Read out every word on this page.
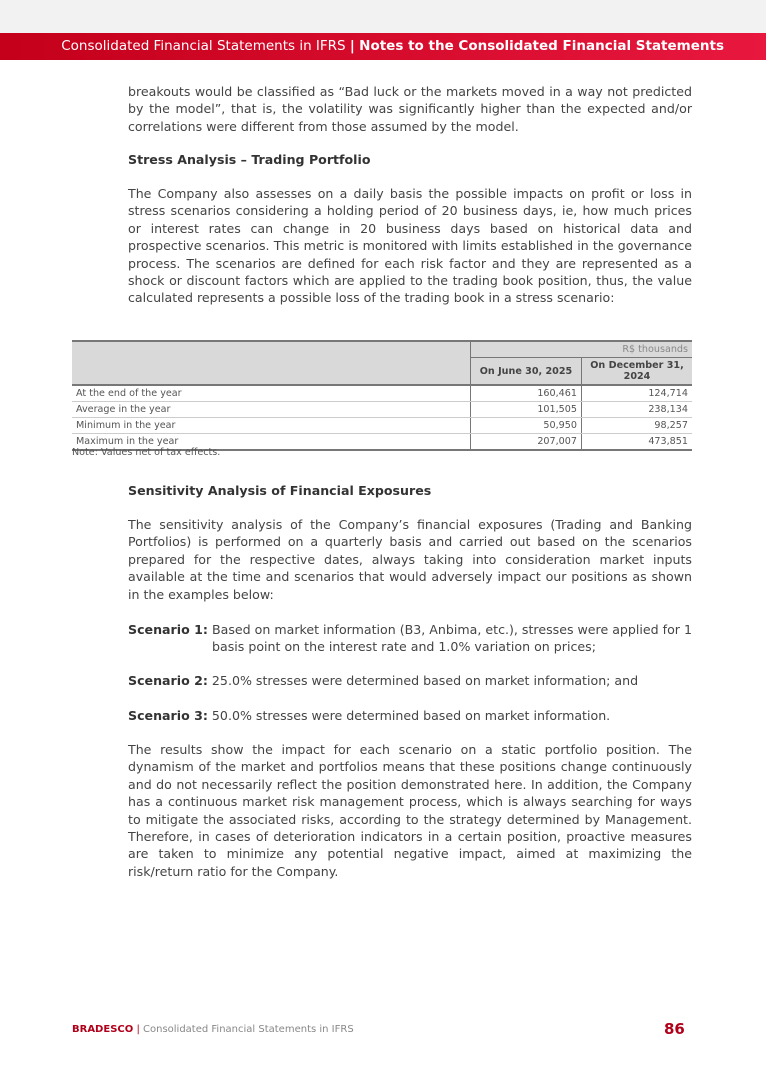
Consolidated Financial Statements in IFRS | Notes to the Consolidated Financial Statements
breakouts would be classified as “Bad luck or the markets moved in a way not predicted by the model”, that is, the volatility was significantly higher than the expected and/or correlations were different from those assumed by the model.
Stress Analysis – Trading Portfolio
The Company also assesses on a daily basis the possible impacts on profit or loss in stress scenarios considering a holding period of 20 business days, ie, how much prices or interest rates can change in 20 business days based on historical data and prospective scenarios. This metric is monitored with limits established in the governance process. The scenarios are defined for each risk factor and they are represented as a shock or discount factors which are applied to the trading book position, thus, the value calculated represents a possible loss of the trading book in a stress scenario:
	R$ thousands	
	On June 30, 2025	On December 31, 2024
At the end of the year	160,461	124,714
Average in the year	101,505	238,134
Minimum in the year	50,950	98,257
Maximum in the year	207,007	473,851
Note: Values net of tax effects.
Sensitivity Analysis of Financial Exposures
The sensitivity analysis of the Company’s financial exposures (Trading and Banking Portfolios) is performed on a quarterly basis and carried out based on the scenarios prepared for the respective dates, always taking into consideration market inputs available at the time and scenarios that would adversely impact our positions as shown in the examples below:
Scenario 1: Based on market information (B3, Anbima, etc.), stresses were applied for 1 basis point on the interest rate and 1.0% variation on prices;
Scenario 2: 25.0% stresses were determined based on market information; and
Scenario 3: 50.0% stresses were determined based on market information.
The results show the impact for each scenario on a static portfolio position. The dynamism of the market and portfolios means that these positions change continuously and do not necessarily reflect the position demonstrated here. In addition, the Company has a continuous market risk management process, which is always searching for ways to mitigate the associated risks, according to the strategy determined by Management. Therefore, in cases of deterioration indicators in a certain position, proactive measures are taken to minimize any potential negative impact, aimed at maximizing the risk/return ratio for the Company.
BRADESCO | Consolidated Financial Statements in IFRS	86
